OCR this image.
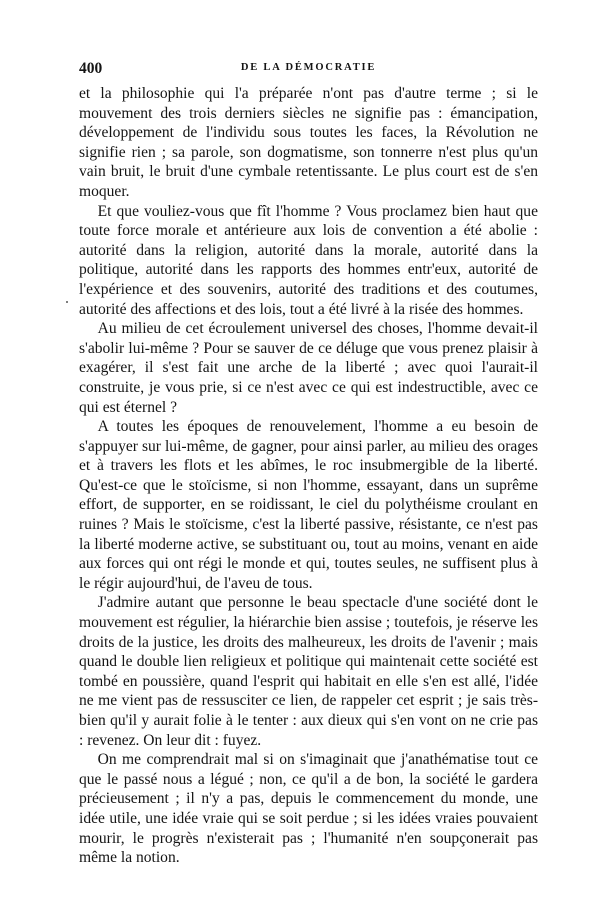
400	DE LA DÉMOCRATIE

et la philosophie qui l'a préparée n'ont pas d'autre terme ; si le mouvement des trois derniers siècles ne signifie pas : émancipation, développement de l'individu sous toutes les faces, la Révolution ne signifie rien ; sa parole, son dogmatisme, son tonnerre n'est plus qu'un vain bruit, le bruit d'une cymbale retentissante. Le plus court est de s'en moquer.

Et que vouliez-vous que fît l'homme ? Vous proclamez bien haut que toute force morale et antérieure aux lois de convention a été abolie : autorité dans la religion, autorité dans la morale, autorité dans la politique, autorité dans les rapports des hommes entr'eux, autorité de l'expérience et des souvenirs, autorité des traditions et des coutumes, autorité des affections et des lois, tout a été livré à la risée des hommes.

Au milieu de cet écroulement universel des choses, l'homme devait-il s'abolir lui-même ? Pour se sauver de ce déluge que vous prenez plaisir à exagérer, il s'est fait une arche de la liberté ; avec quoi l'aurait-il construite, je vous prie, si ce n'est avec ce qui est indestructible, avec ce qui est éternel ?

A toutes les époques de renouvelement, l'homme a eu besoin de s'appuyer sur lui-même, de gagner, pour ainsi parler, au milieu des orages et à travers les flots et les abîmes, le roc insubmergible de la liberté. Qu'est-ce que le stoïcisme, si non l'homme, essayant, dans un suprême effort, de supporter, en se roidissant, le ciel du polythéisme croulant en ruines ? Mais le stoïcisme, c'est la liberté passive, résistante, ce n'est pas la liberté moderne active, se substituant ou, tout au moins, venant en aide aux forces qui ont régi le monde et qui, toutes seules, ne suffisent plus à le régir aujourd'hui, de l'aveu de tous.

J'admire autant que personne le beau spectacle d'une société dont le mouvement est régulier, la hiérarchie bien assise ; toutefois, je réserve les droits de la justice, les droits des malheureux, les droits de l'avenir ; mais quand le double lien religieux et politique qui maintenait cette société est tombé en poussière, quand l'esprit qui habitait en elle s'en est allé, l'idée ne me vient pas de ressusciter ce lien, de rappeler cet esprit ; je sais très-bien qu'il y aurait folie à le tenter : aux dieux qui s'en vont on ne crie pas : revenez. On leur dit : fuyez.

On me comprendrait mal si on s'imaginait que j'anathématise tout ce que le passé nous a légué ; non, ce qu'il a de bon, la société le gardera précieusement ; il n'y a pas, depuis le commencement du monde, une idée utile, une idée vraie qui se soit perdue ; si les idées vraies pouvaient mourir, le progrès n'existerait pas ; l'humanité n'en soupçonerait pas même la notion.
